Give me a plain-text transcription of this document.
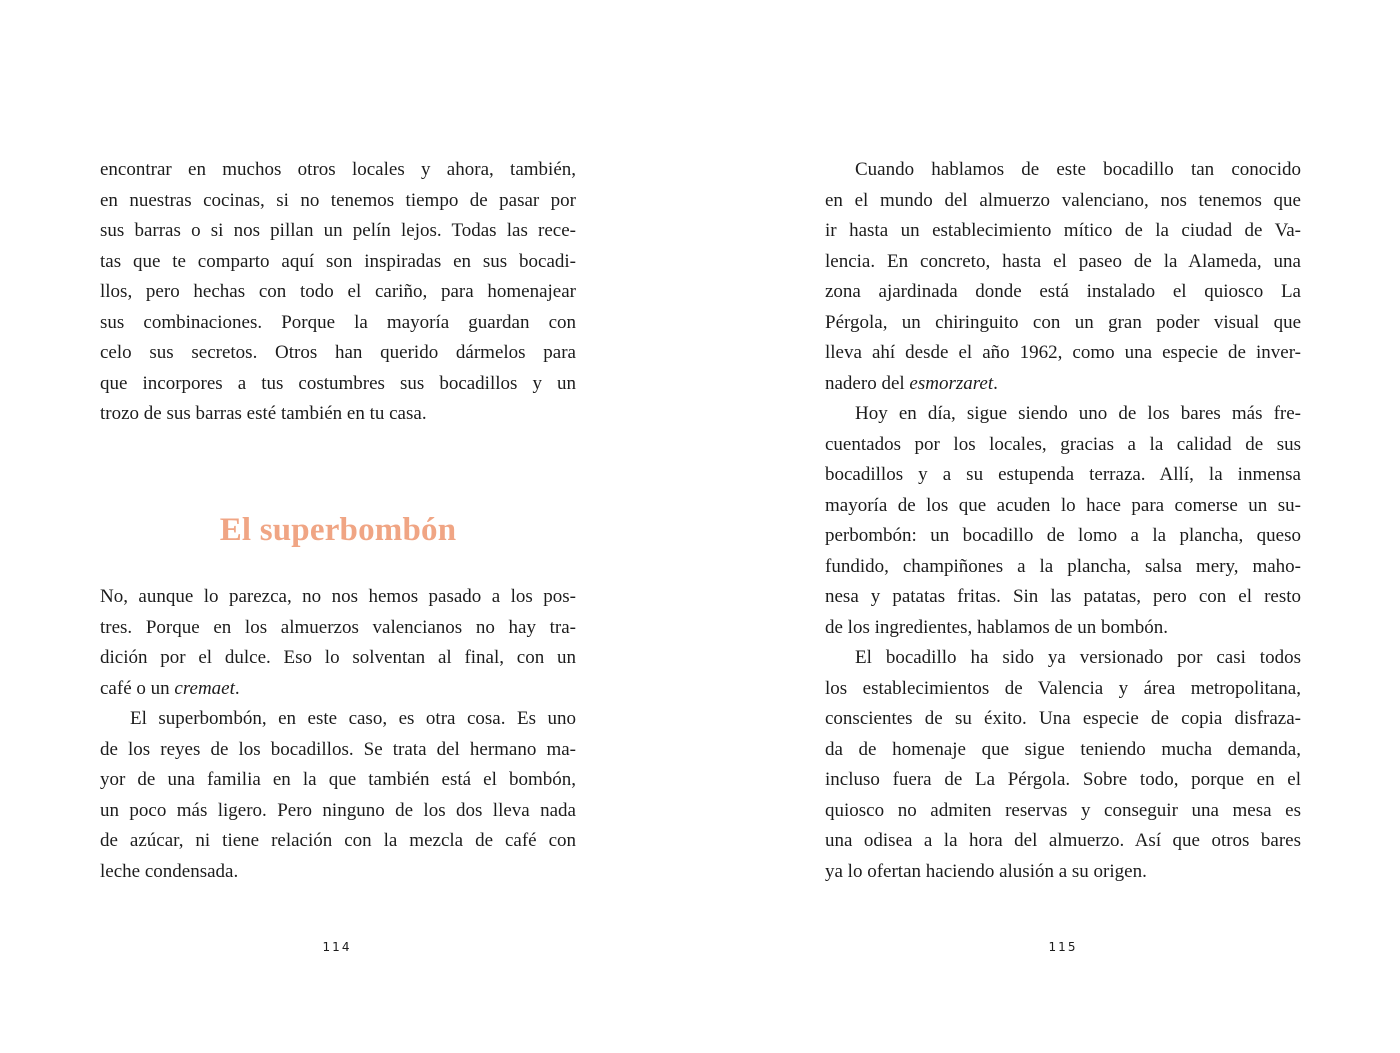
encontrar en muchos otros locales y ahora, también,
en nuestras cocinas, si no tenemos tiempo de pasar por
sus barras o si nos pillan un pelín lejos. Todas las rece-
tas que te comparto aquí son inspiradas en sus bocadi-
llos, pero hechas con todo el cariño, para homenajear
sus combinaciones. Porque la mayoría guardan con
celo sus secretos. Otros han querido dármelos para
que incorpores a tus costumbres sus bocadillos y un
trozo de sus barras esté también en tu casa.
El superbombón
No, aunque lo parezca, no nos hemos pasado a los pos-
tres. Porque en los almuerzos valencianos no hay tra-
dición por el dulce. Eso lo solventan al final, con un
café o un cremaet.
El superbombón, en este caso, es otra cosa. Es uno
de los reyes de los bocadillos. Se trata del hermano ma-
yor de una familia en la que también está el bombón,
un poco más ligero. Pero ninguno de los dos lleva nada
de azúcar, ni tiene relación con la mezcla de café con
leche condensada.
114
Cuando hablamos de este bocadillo tan conocido
en el mundo del almuerzo valenciano, nos tenemos que
ir hasta un establecimiento mítico de la ciudad de Va-
lencia. En concreto, hasta el paseo de la Alameda, una
zona ajardinada donde está instalado el quiosco La
Pérgola, un chiringuito con un gran poder visual que
lleva ahí desde el año 1962, como una especie de inver-
nadero del esmorzaret.
Hoy en día, sigue siendo uno de los bares más fre-
cuentados por los locales, gracias a la calidad de sus
bocadillos y a su estupenda terraza. Allí, la inmensa
mayoría de los que acuden lo hace para comerse un su-
perbombón: un bocadillo de lomo a la plancha, queso
fundido, champiñones a la plancha, salsa mery, maho-
nesa y patatas fritas. Sin las patatas, pero con el resto
de los ingredientes, hablamos de un bombón.
El bocadillo ha sido ya versionado por casi todos
los establecimientos de Valencia y área metropolitana,
conscientes de su éxito. Una especie de copia disfraza-
da de homenaje que sigue teniendo mucha demanda,
incluso fuera de La Pérgola. Sobre todo, porque en el
quiosco no admiten reservas y conseguir una mesa es
una odisea a la hora del almuerzo. Así que otros bares
ya lo ofertan haciendo alusión a su origen.
115
